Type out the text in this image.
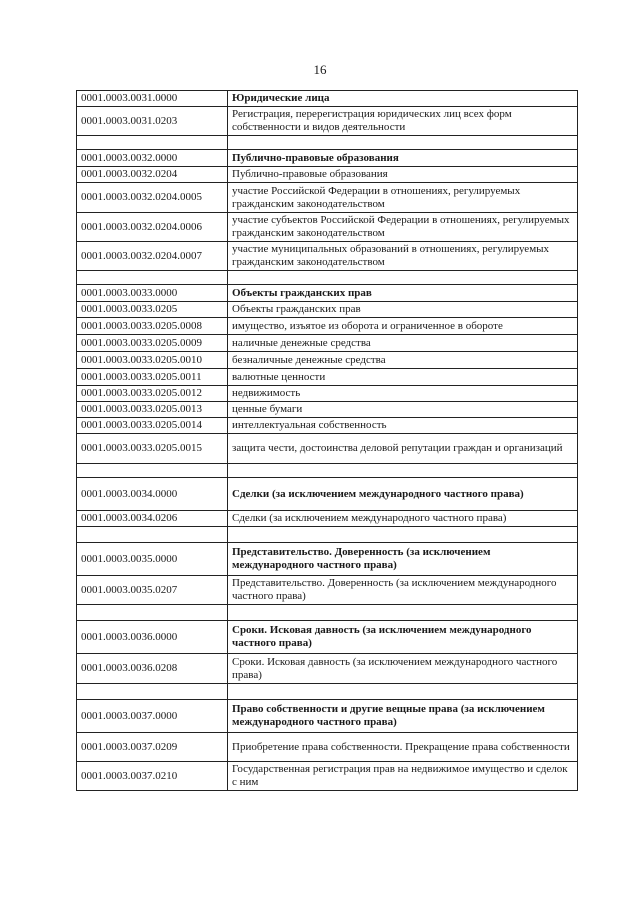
16
0001.0003.0031.0000	Юридические лица
0001.0003.0031.0203	Регистрация, перерегистрация юридических лиц всех форм собственности и видов деятельности

0001.0003.0032.0000	Публично-правовые образования
0001.0003.0032.0204	Публично-правовые образования
0001.0003.0032.0204.0005	участие Российской Федерации в отношениях, регулируемых гражданским законодательством
0001.0003.0032.0204.0006	участие субъектов Российской Федерации в отношениях, регулируемых гражданским законодательством
0001.0003.0032.0204.0007	участие муниципальных образований в отношениях, регулируемых гражданским законодательством

0001.0003.0033.0000	Объекты гражданских прав
0001.0003.0033.0205	Объекты гражданских прав
0001.0003.0033.0205.0008	имущество, изъятое из оборота и ограниченное в обороте
0001.0003.0033.0205.0009	наличные денежные средства
0001.0003.0033.0205.0010	безналичные денежные средства
0001.0003.0033.0205.0011	валютные ценности
0001.0003.0033.0205.0012	недвижимость
0001.0003.0033.0205.0013	ценные бумаги
0001.0003.0033.0205.0014	интеллектуальная собственность
0001.0003.0033.0205.0015	защита чести, достоинства деловой репутации граждан и организаций

0001.0003.0034.0000	Сделки (за исключением международного частного права)
0001.0003.0034.0206	Сделки (за исключением международного частного права)

0001.0003.0035.0000	Представительство. Доверенность (за исключением международного частного права)
0001.0003.0035.0207	Представительство. Доверенность (за исключением международного частного права)

0001.0003.0036.0000	Сроки. Исковая давность (за исключением международного частного права)
0001.0003.0036.0208	Сроки. Исковая давность (за исключением международного частного права)

0001.0003.0037.0000	Право собственности и другие вещные права (за исключением международного частного права)
0001.0003.0037.0209	Приобретение права собственности. Прекращение права собственности
0001.0003.0037.0210	Государственная регистрация прав на недвижимое имущество и сделок с ним
